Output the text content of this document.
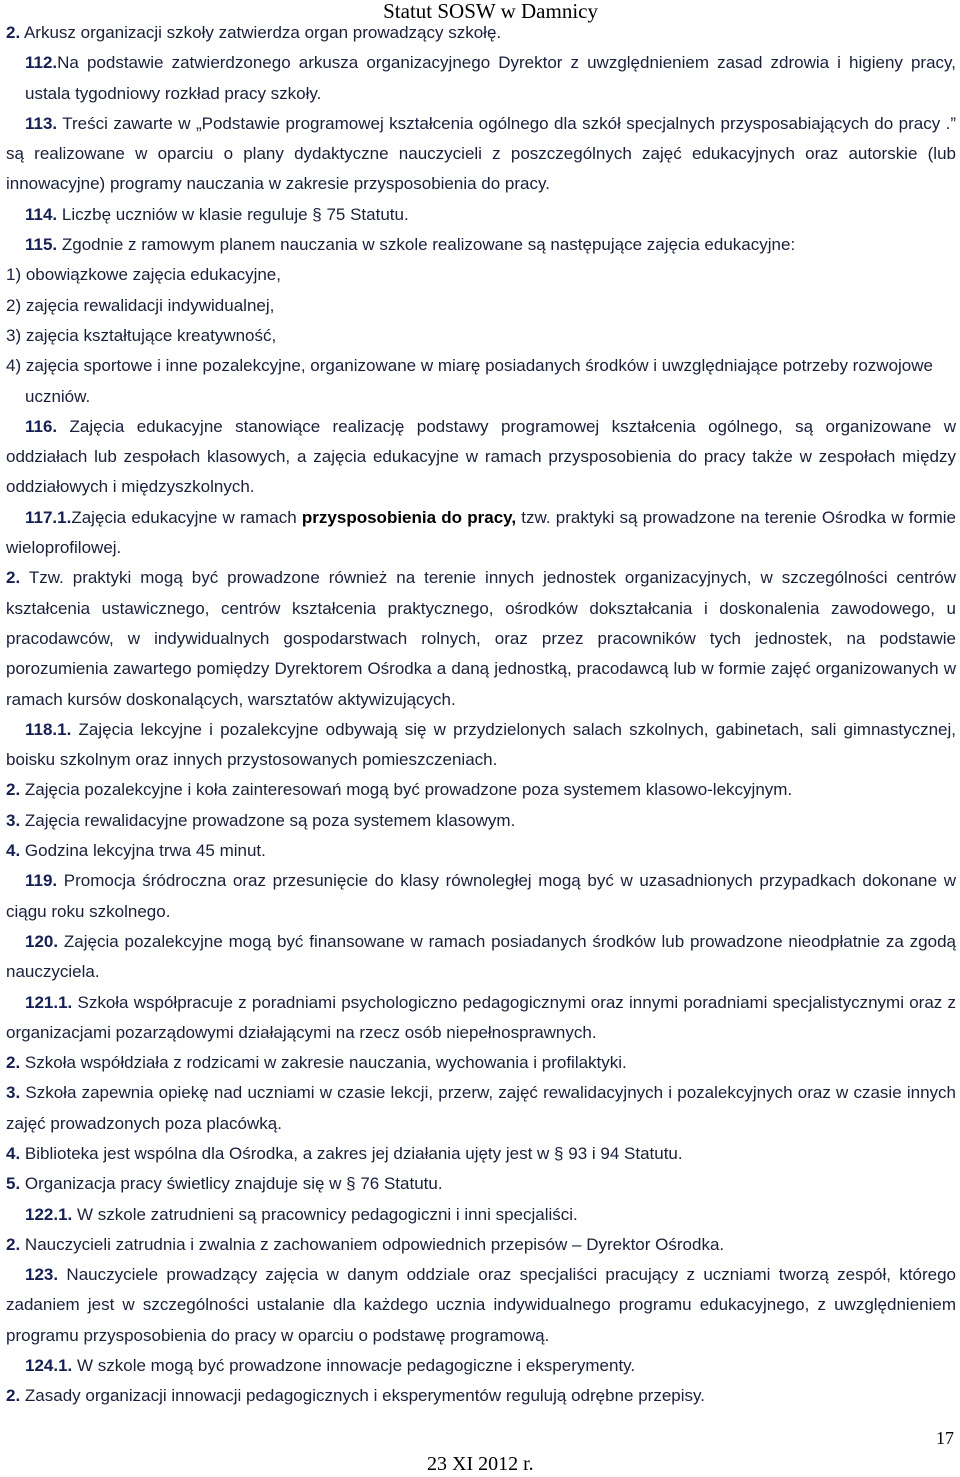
Statut SOSW w Damnicy

2. Arkusz organizacji szkoły zatwierdza organ prowadzący szkołę.

112.Na podstawie zatwierdzonego arkusza organizacyjnego Dyrektor z uwzględnieniem zasad zdrowia i higieny pracy, ustala tygodniowy rozkład pracy szkoły.

113. Treści zawarte w „Podstawie programowej kształcenia ogólnego dla szkół specjalnych przysposabiających do pracy .” są realizowane w oparciu o plany dydaktyczne nauczycieli z poszczególnych zajęć edukacyjnych oraz autorskie (lub innowacyjne) programy nauczania w zakresie przysposobienia do pracy.

114. Liczbę uczniów w klasie reguluje § 75 Statutu.

115. Zgodnie z ramowym planem nauczania w szkole realizowane są następujące zajęcia edukacyjne:

1) obowiązkowe zajęcia edukacyjne,

2) zajęcia rewalidacji indywidualnej,

3) zajęcia kształtujące kreatywność,

4) zajęcia sportowe i inne pozalekcyjne, organizowane w miarę posiadanych środków i uwzględniające potrzeby rozwojowe uczniów.

116. Zajęcia edukacyjne stanowiące realizację podstawy programowej kształcenia ogólnego, są organizowane w oddziałach lub zespołach klasowych, a zajęcia edukacyjne w ramach przysposobienia do pracy także w zespołach między oddziałowych i międzyszkolnych.

117.1.Zajęcia edukacyjne w ramach przysposobienia do pracy, tzw. praktyki są prowadzone na terenie Ośrodka w formie wieloprofilowej.

2. Tzw. praktyki mogą być prowadzone również na terenie innych jednostek organizacyjnych, w szczególności centrów kształcenia ustawicznego, centrów kształcenia praktycznego, ośrodków dokształcania i doskonalenia zawodowego, u pracodawców, w indywidualnych gospodarstwach rolnych, oraz przez pracowników tych jednostek, na podstawie porozumienia zawartego pomiędzy Dyrektorem Ośrodka a daną jednostką, pracodawcą lub w formie zajęć organizowanych w ramach kursów doskonalących, warsztatów aktywizujących.

118.1. Zajęcia lekcyjne i pozalekcyjne odbywają się w przydzielonych salach szkolnych, gabinetach, sali gimnastycznej, boisku szkolnym oraz innych przystosowanych pomieszczeniach.

2. Zajęcia pozalekcyjne i koła zainteresowań mogą być prowadzone poza systemem klasowo-lekcyjnym.

3. Zajęcia rewalidacyjne prowadzone są poza systemem klasowym.

4. Godzina lekcyjna trwa 45 minut.

119. Promocja śródroczna oraz przesunięcie do klasy równoległej mogą być w uzasadnionych przypadkach dokonane w ciągu roku szkolnego.

120. Zajęcia pozalekcyjne mogą być finansowane w ramach posiadanych środków lub prowadzone nieodpłatnie za zgodą nauczyciela.

121.1. Szkoła współpracuje z poradniami psychologiczno pedagogicznymi oraz innymi poradniami specjalistycznymi oraz z organizacjami pozarządowymi działającymi na rzecz osób niepełnosprawnych.

2. Szkoła współdziała z rodzicami w zakresie nauczania, wychowania i profilaktyki.

3. Szkoła zapewnia opiekę nad uczniami w czasie lekcji, przerw, zajęć rewalidacyjnych i pozalekcyjnych oraz w czasie innych zajęć prowadzonych poza placówką.

4. Biblioteka jest wspólna dla Ośrodka, a zakres jej działania ujęty jest w § 93 i 94 Statutu.

5. Organizacja pracy świetlicy znajduje się w § 76 Statutu.

122.1. W szkole zatrudnieni są pracownicy pedagogiczni i inni specjaliści.

2. Nauczycieli zatrudnia i zwalnia z zachowaniem odpowiednich przepisów – Dyrektor Ośrodka.

123. Nauczyciele prowadzący zajęcia w danym oddziale oraz specjaliści pracujący z uczniami tworzą zespół, którego zadaniem jest w szczególności ustalanie dla każdego ucznia indywidualnego programu edukacyjnego, z uwzględnieniem programu przysposobienia do pracy w oparciu o podstawę programową.

124.1. W szkole mogą być prowadzone innowacje pedagogiczne i eksperymenty.

2. Zasady organizacji innowacji pedagogicznych i eksperymentów regulują odrębne przepisy.

17
23 XI 2012 r.
